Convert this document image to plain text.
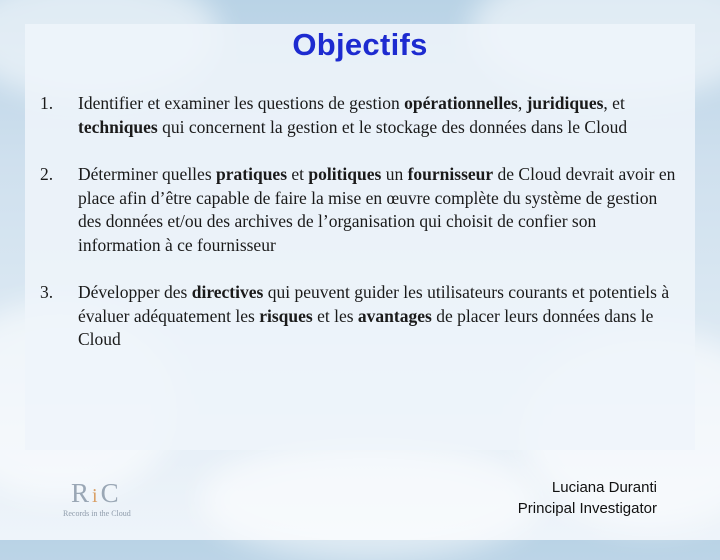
Objectifs
1. Identifier et examiner les questions de gestion opérationnelles, juridiques, et techniques qui concernent la gestion et le stockage des données dans le Cloud
2. Déterminer quelles pratiques et politiques un fournisseur de Cloud devrait avoir en place afin d’être capable de faire la mise en œuvre complète du système de gestion des données et/ou des archives de l’organisation qui choisit de confier son information à ce fournisseur
3. Développer des directives qui peuvent guider les utilisateurs courants et potentiels à évaluer adéquatement les risques et les avantages de placer leurs données dans le Cloud
RiC
Records in the Cloud
Luciana Duranti
Principal Investigator
